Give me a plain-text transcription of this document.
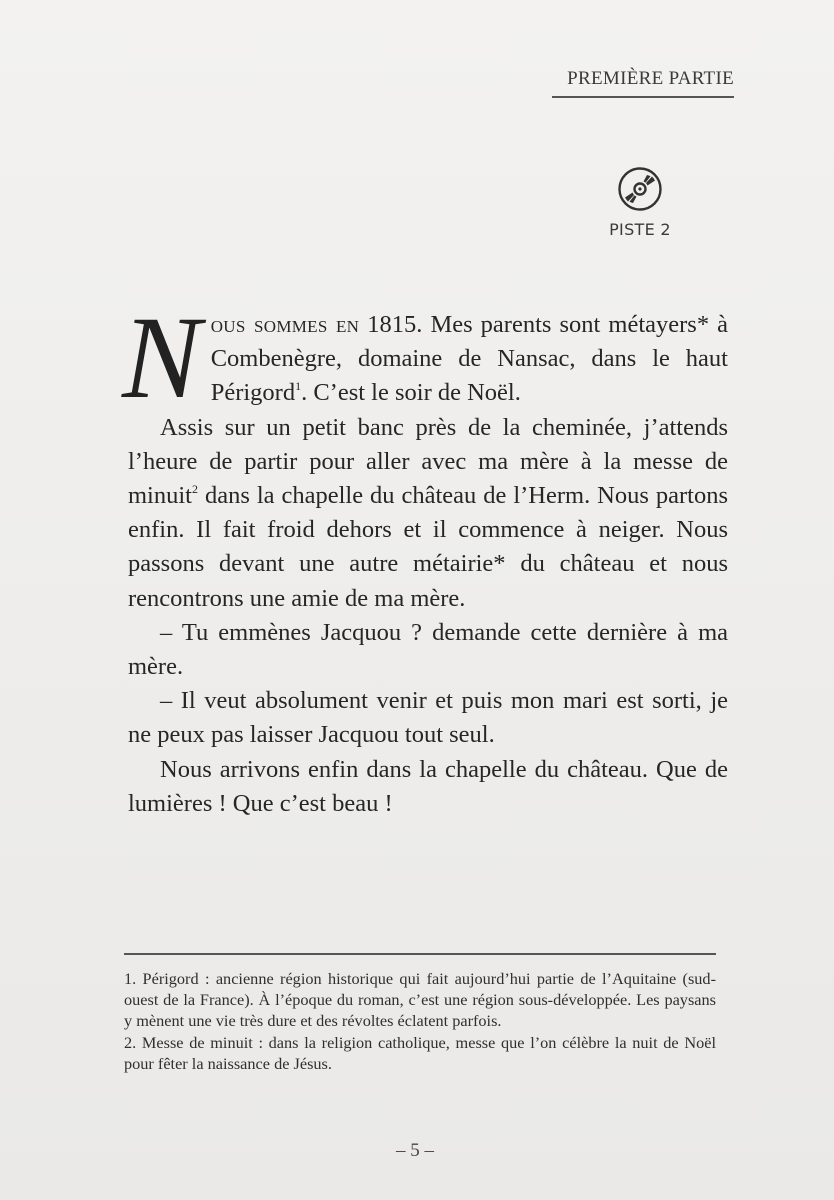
PREMIÈRE PARTIE
PISTE 2

Nous sommes en 1815. Mes parents sont métayers* à Combenègre, domaine de Nansac, dans le haut Périgord$^1$. C’est le soir de Noël.

Assis sur un petit banc près de la cheminée, j’attends l’heure de partir pour aller avec ma mère à la messe de minuit$^2$ dans la chapelle du château de l’Herm. Nous partons enfin. Il fait froid dehors et il commence à neiger. Nous passons devant une autre métairie* du château et nous rencontrons une amie de ma mère.

– Tu emmènes Jacquou ? demande cette dernière à ma mère.

– Il veut absolument venir et puis mon mari est sorti, je ne peux pas laisser Jacquou tout seul.

Nous arrivons enfin dans la chapelle du château. Que de lumières ! Que c’est beau !

1. Périgord : ancienne région historique qui fait aujourd’hui partie de l’Aquitaine (sud-ouest de la France). À l’époque du roman, c’est une région sous-développée. Les paysans y mènent une vie très dure et des révoltes éclatent parfois.

2. Messe de minuit : dans la religion catholique, messe que l’on célèbre la nuit de Noël pour fêter la naissance de Jésus.

– 5 –
